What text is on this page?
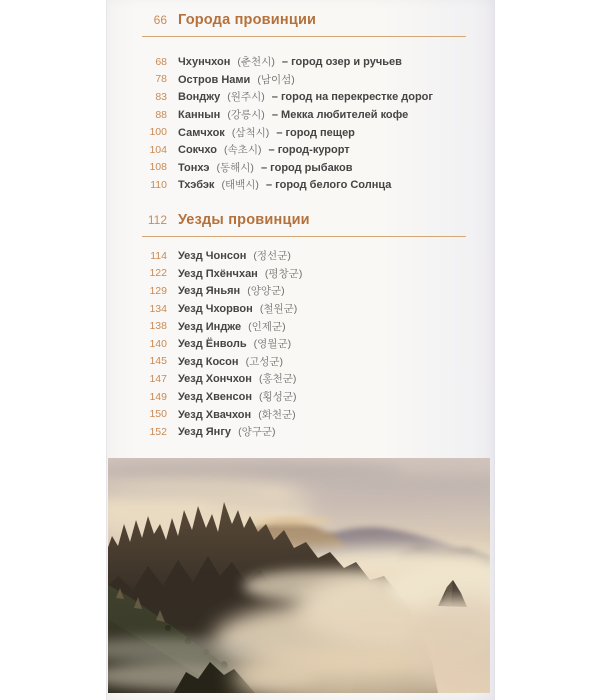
66 Города провинции
68 Чхунчхон (춘천시) – город озер и ручьев
78 Остров Нами (남이섬)
83 Вонджу (원주시) – город на перекрестке дорог
88 Каннын (강릉시) – Мекка любителей кофе
100 Самчхок (삼척시) – город пещер
104 Сокчхо (속초시) – город-курорт
108 Тонхэ (동해시) – город рыбаков
110 Тхэбэк (태백시) – город белого Солнца
112 Уезды провинции
114 Уезд Чонсон (정선군)
122 Уезд Пхёнчхан (평창군)
129 Уезд Яньян (양양군)
134 Уезд Чхорвон (철원군)
138 Уезд Индже (인제군)
140 Уезд Ёнволь (영월군)
145 Уезд Косон (고성군)
147 Уезд Хончхон (홍천군)
149 Уезд Хвенсон (횡성군)
150 Уезд Хвачхон (화천군)
152 Уезд Янгу (양구군)
